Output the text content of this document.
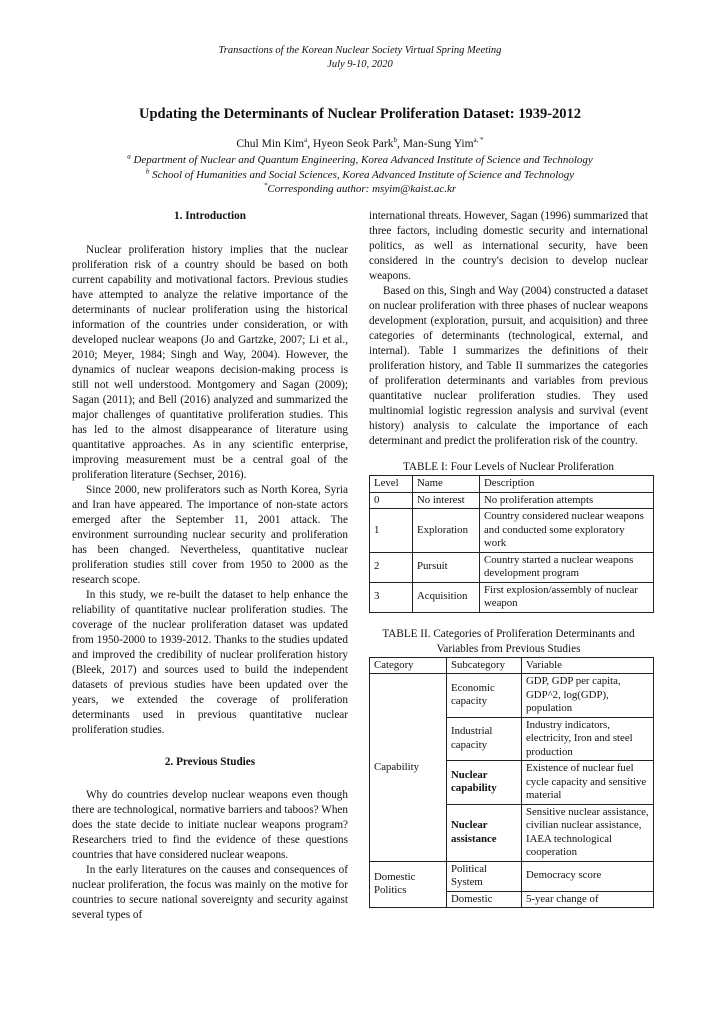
Transactions of the Korean Nuclear Society Virtual Spring Meeting
July 9-10, 2020
Updating the Determinants of Nuclear Proliferation Dataset: 1939-2012
Chul Min Kim$^a$, Hyeon Seok Park$^b$, Man-Sung Yim$^{a, *}$
$^a$ Department of Nuclear and Quantum Engineering, Korea Advanced Institute of Science and Technology
$^b$ School of Humanities and Social Sciences, Korea Advanced Institute of Science and Technology
*Corresponding author: msyim@kaist.ac.kr
1. Introduction

Nuclear proliferation history implies that the nuclear proliferation risk of a country should be based on both current capability and motivational factors. Previous studies have attempted to analyze the relative importance of the determinants of nuclear proliferation using the historical information of the countries under consideration, or with developed nuclear weapons (Jo and Gartzke, 2007; Li et al., 2010; Meyer, 1984; Singh and Way, 2004). However, the dynamics of nuclear weapons decision-making process is still not well understood. Montgomery and Sagan (2009); Sagan (2011); and Bell (2016) analyzed and summarized the major challenges of quantitative proliferation studies. This has led to the almost disappearance of literature using quantitative approaches. As in any scientific enterprise, improving measurement must be a central goal of the proliferation literature (Sechser, 2016).

Since 2000, new proliferators such as North Korea, Syria and Iran have appeared. The importance of non-state actors emerged after the September 11, 2001 attack. The environment surrounding nuclear security and proliferation has been changed. Nevertheless, quantitative nuclear proliferation studies still cover from 1950 to 2000 as the research scope.

In this study, we re-built the dataset to help enhance the reliability of quantitative nuclear proliferation studies. The coverage of the nuclear proliferation dataset was updated from 1950-2000 to 1939-2012. Thanks to the studies updated and improved the credibility of nuclear proliferation history (Bleek, 2017) and sources used to build the independent datasets of previous studies have been updated over the years, we extended the coverage of proliferation determinants used in previous quantitative nuclear proliferation studies.

2. Previous Studies

Why do countries develop nuclear weapons even though there are technological, normative barriers and taboos? When does the state decide to initiate nuclear weapons program? Researchers tried to find the evidence of these questions countries that have considered nuclear weapons.

In the early literatures on the causes and consequences of nuclear proliferation, the focus was mainly on the motive for countries to secure national sovereignty and security against several types of

international threats. However, Sagan (1996) summarized that three factors, including domestic security and international politics, as well as international security, have been considered in the country's decision to develop nuclear weapons.

Based on this, Singh and Way (2004) constructed a dataset on nuclear proliferation with three phases of nuclear weapons development (exploration, pursuit, and acquisition) and three categories of determinants (technological, external, and internal). Table I summarizes the definitions of their proliferation history, and Table II summarizes the categories of proliferation determinants and variables from previous quantitative nuclear proliferation studies. They used multinomial logistic regression analysis and survival (event history) analysis to calculate the importance of each determinant and predict the proliferation risk of the country.

TABLE I: Four Levels of Nuclear Proliferation
Level	Name	Description
0	No interest	No proliferation attempts
1	Exploration	Country considered nuclear weapons and conducted some exploratory work
2	Pursuit	Country started a nuclear weapons development program
3	Acquisition	First explosion/assembly of nuclear weapon
TABLE II. Categories of Proliferation Determinants and
Variables from Previous Studies
Category	Subcategory	Variable
Capability	Economic capacity	GDP, GDP per capita, GDP^2, log(GDP), population
	Industrial capacity	Industry indicators, electricity, Iron and steel production
	Nuclear capability	Existence of nuclear fuel cycle capacity and sensitive material
	Nuclear assistance	Sensitive nuclear assistance, civilian nuclear assistance, IAEA technological cooperation
Domestic Politics	Political System	Democracy score
	Domestic	5-year change of
